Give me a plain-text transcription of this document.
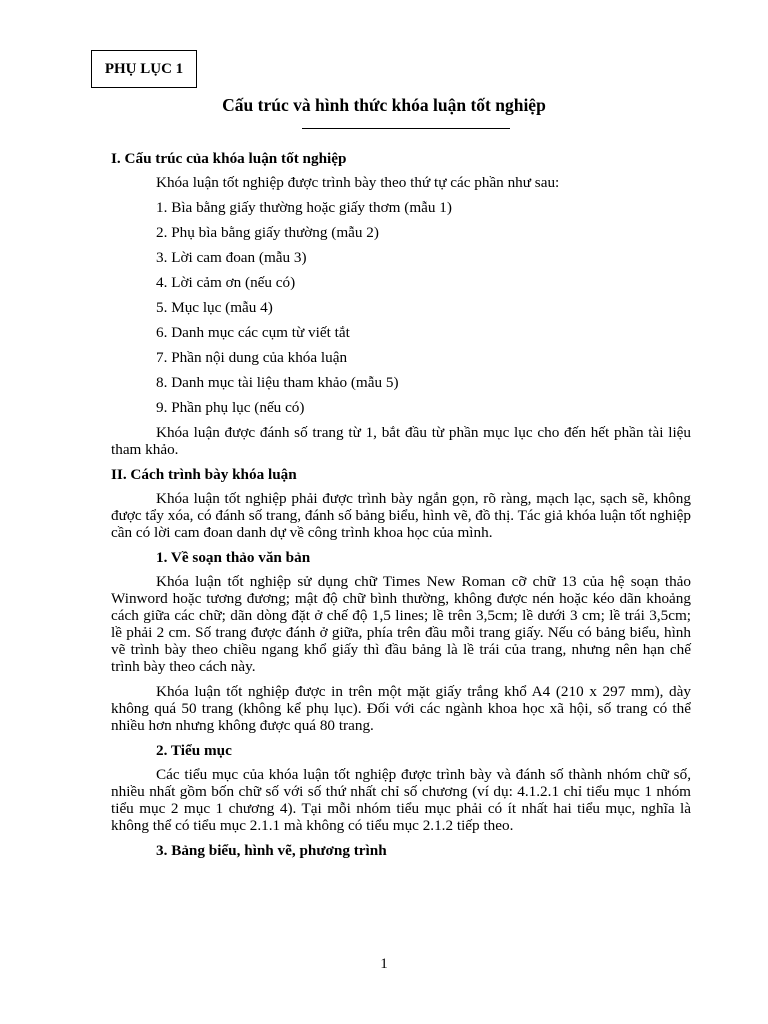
PHỤ LỤC 1
Cấu trúc và hình thức khóa luận tốt nghiệp

I. Cấu trúc của khóa luận tốt nghiệp

Khóa luận tốt nghiệp được trình bày theo thứ tự các phần như sau:

1. Bìa bằng giấy thường hoặc giấy thơm (mẫu 1)

2. Phụ bìa bằng giấy thường (mẫu 2)

3. Lời cam đoan (mẫu 3)

4. Lời cảm ơn (nếu có)

5. Mục lục (mẫu 4)

6. Danh mục các cụm từ viết tắt

7. Phần nội dung của khóa luận

8. Danh mục tài liệu tham khảo (mẫu 5)

9. Phần phụ lục (nếu có)

Khóa luận được đánh số trang từ 1, bắt đầu từ phần mục lục cho đến hết phần tài liệu tham khảo.

II. Cách trình bày khóa luận

Khóa luận tốt nghiệp phải được trình bày ngắn gọn, rõ ràng, mạch lạc, sạch sẽ, không được tẩy xóa, có đánh số trang, đánh số bảng biểu, hình vẽ, đồ thị. Tác giả khóa luận tốt nghiệp cần có lời cam đoan danh dự về công trình khoa học của mình.

1. Về soạn thảo văn bản

Khóa luận tốt nghiệp sử dụng chữ Times New Roman cỡ chữ 13 của hệ soạn thảo Winword hoặc tương đương; mật độ chữ bình thường, không được nén hoặc kéo dãn khoảng cách giữa các chữ; dãn dòng đặt ở chế độ 1,5 lines; lề trên 3,5cm; lề dưới 3 cm; lề trái 3,5cm; lề phải 2 cm. Số trang được đánh ở giữa, phía trên đầu mỗi trang giấy. Nếu có bảng biểu, hình vẽ trình bày theo chiều ngang khổ giấy thì đầu bảng là lề trái của trang, nhưng nên hạn chế trình bày theo cách này.

Khóa luận tốt nghiệp được in trên một mặt giấy trắng khổ A4 (210 x 297 mm), dày không quá 50 trang (không kể phụ lục). Đối với các ngành khoa học xã hội, số trang có thể nhiều hơn nhưng không được quá 80 trang.

2. Tiểu mục

Các tiểu mục của khóa luận tốt nghiệp được trình bày và đánh số thành nhóm chữ số, nhiều nhất gồm bốn chữ số với số thứ nhất chỉ số chương (ví dụ: 4.1.2.1 chỉ tiểu mục 1 nhóm tiểu mục 2 mục 1 chương 4). Tại mỗi nhóm tiểu mục phải có ít nhất hai tiểu mục, nghĩa là không thể có tiểu mục 2.1.1 mà không có tiểu mục 2.1.2 tiếp theo.

3. Bảng biểu, hình vẽ, phương trình

1
